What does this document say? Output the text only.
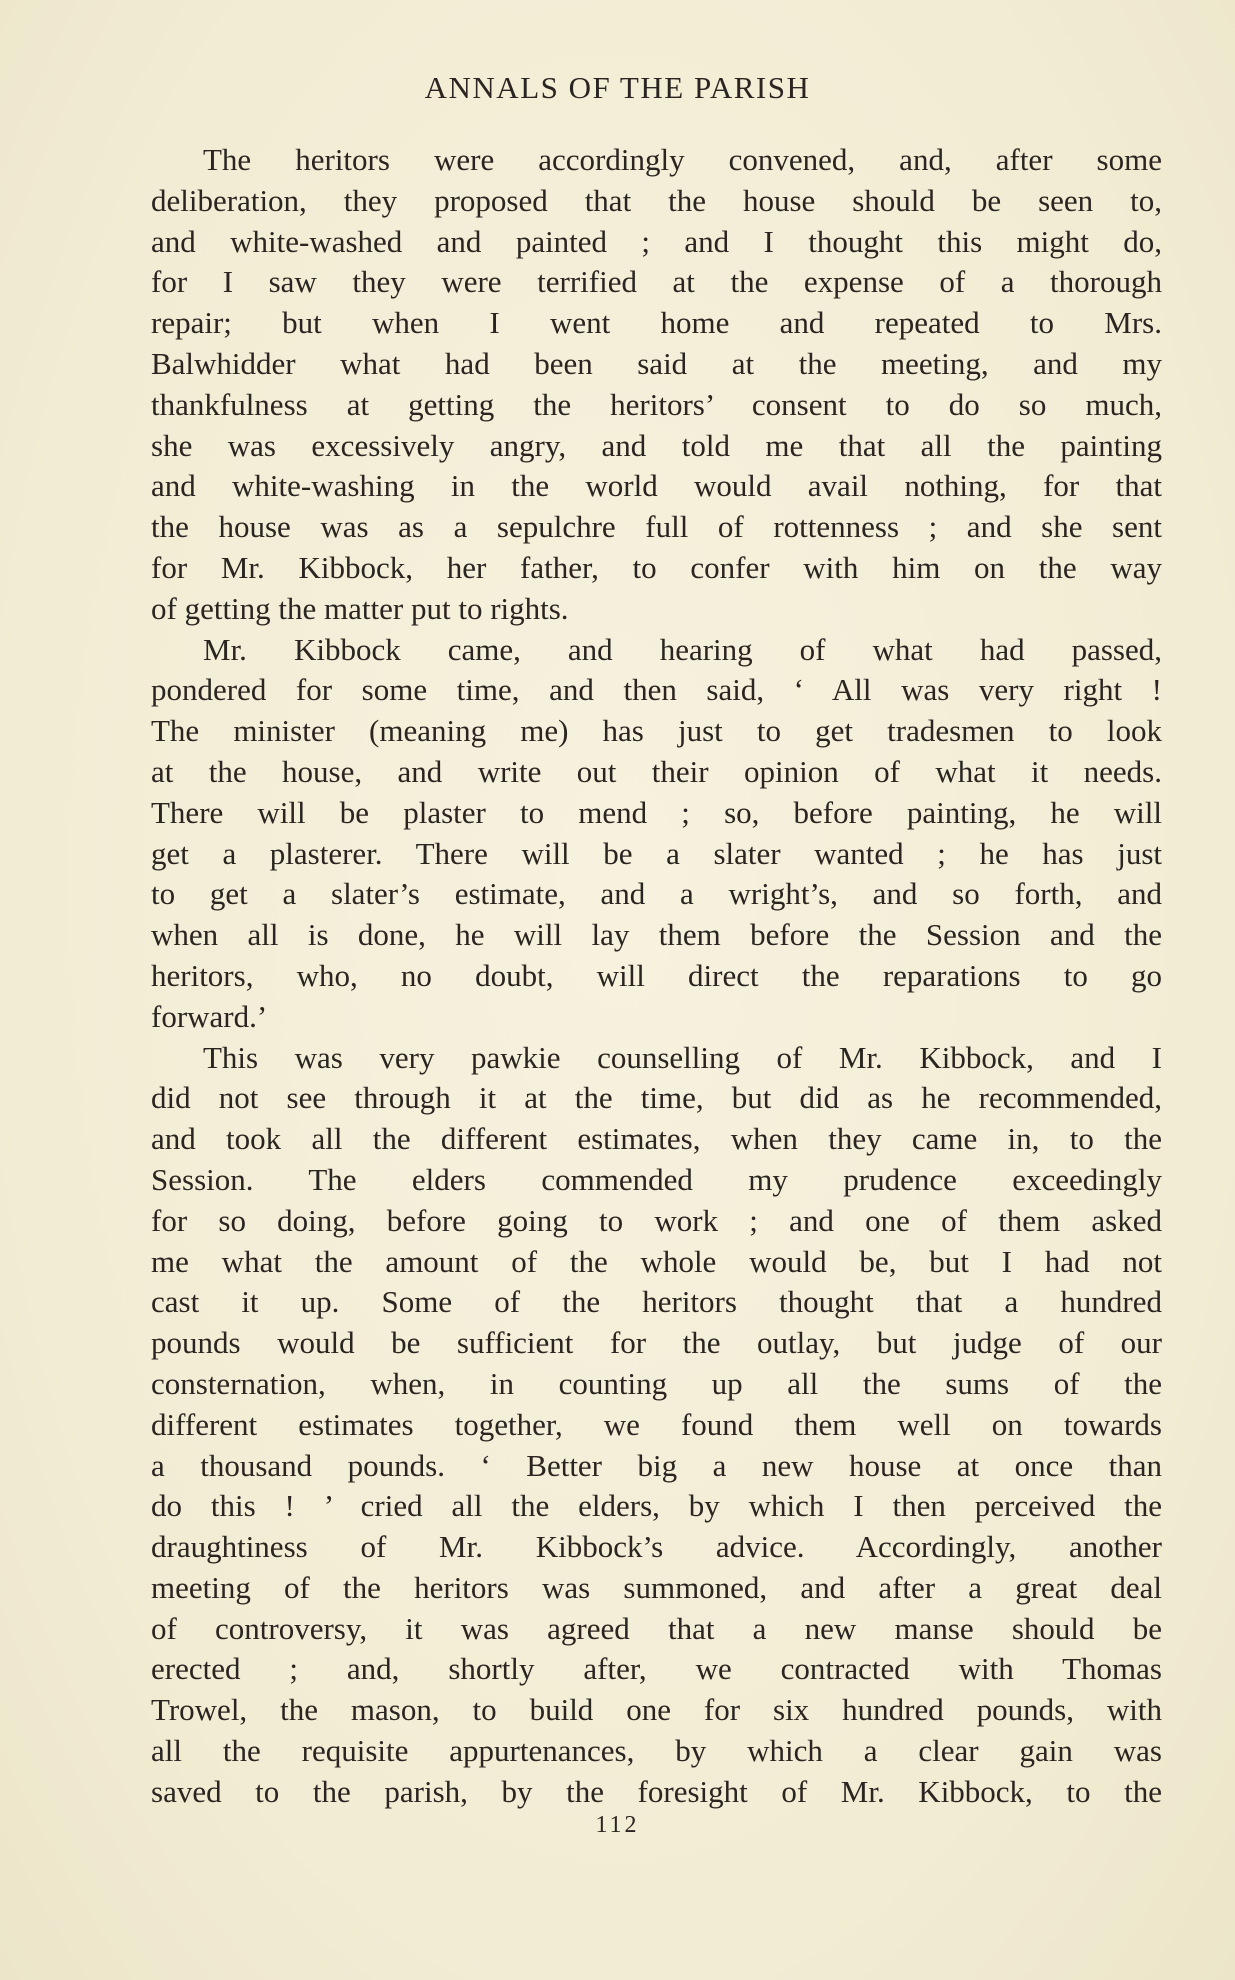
ANNALS OF THE PARISH
The heritors were accordingly convened, and, after some
deliberation, they proposed that the house should be seen to,
and white-washed and painted ; and I thought this might do,
for I saw they were terrified at the expense of a thorough
repair; but when I went home and repeated to Mrs.
Balwhidder what had been said at the meeting, and my
thankfulness at getting the heritors’ consent to do so much,
she was excessively angry, and told me that all the painting
and white-washing in the world would avail nothing, for that
the house was as a sepulchre full of rottenness ; and she sent
for Mr. Kibbock, her father, to confer with him on the way
of getting the matter put to rights.
Mr. Kibbock came, and hearing of what had passed,
pondered for some time, and then said, ‘ All was very right !
The minister (meaning me) has just to get tradesmen to look
at the house, and write out their opinion of what it needs.
There will be plaster to mend ; so, before painting, he will
get a plasterer. There will be a slater wanted ; he has just
to get a slater’s estimate, and a wright’s, and so forth, and
when all is done, he will lay them before the Session and the
heritors, who, no doubt, will direct the reparations to go
forward.’
This was very pawkie counselling of Mr. Kibbock, and I
did not see through it at the time, but did as he recommended,
and took all the different estimates, when they came in, to the
Session. The elders commended my prudence exceedingly
for so doing, before going to work ; and one of them asked
me what the amount of the whole would be, but I had not
cast it up. Some of the heritors thought that a hundred
pounds would be sufficient for the outlay, but judge of our
consternation, when, in counting up all the sums of the
different estimates together, we found them well on towards
a thousand pounds. ‘ Better big a new house at once than
do this ! ’ cried all the elders, by which I then perceived the
draughtiness of Mr. Kibbock’s advice. Accordingly, another
meeting of the heritors was summoned, and after a great deal
of controversy, it was agreed that a new manse should be
erected ; and, shortly after, we contracted with Thomas
Trowel, the mason, to build one for six hundred pounds, with
all the requisite appurtenances, by which a clear gain was
saved to the parish, by the foresight of Mr. Kibbock, to the
112
